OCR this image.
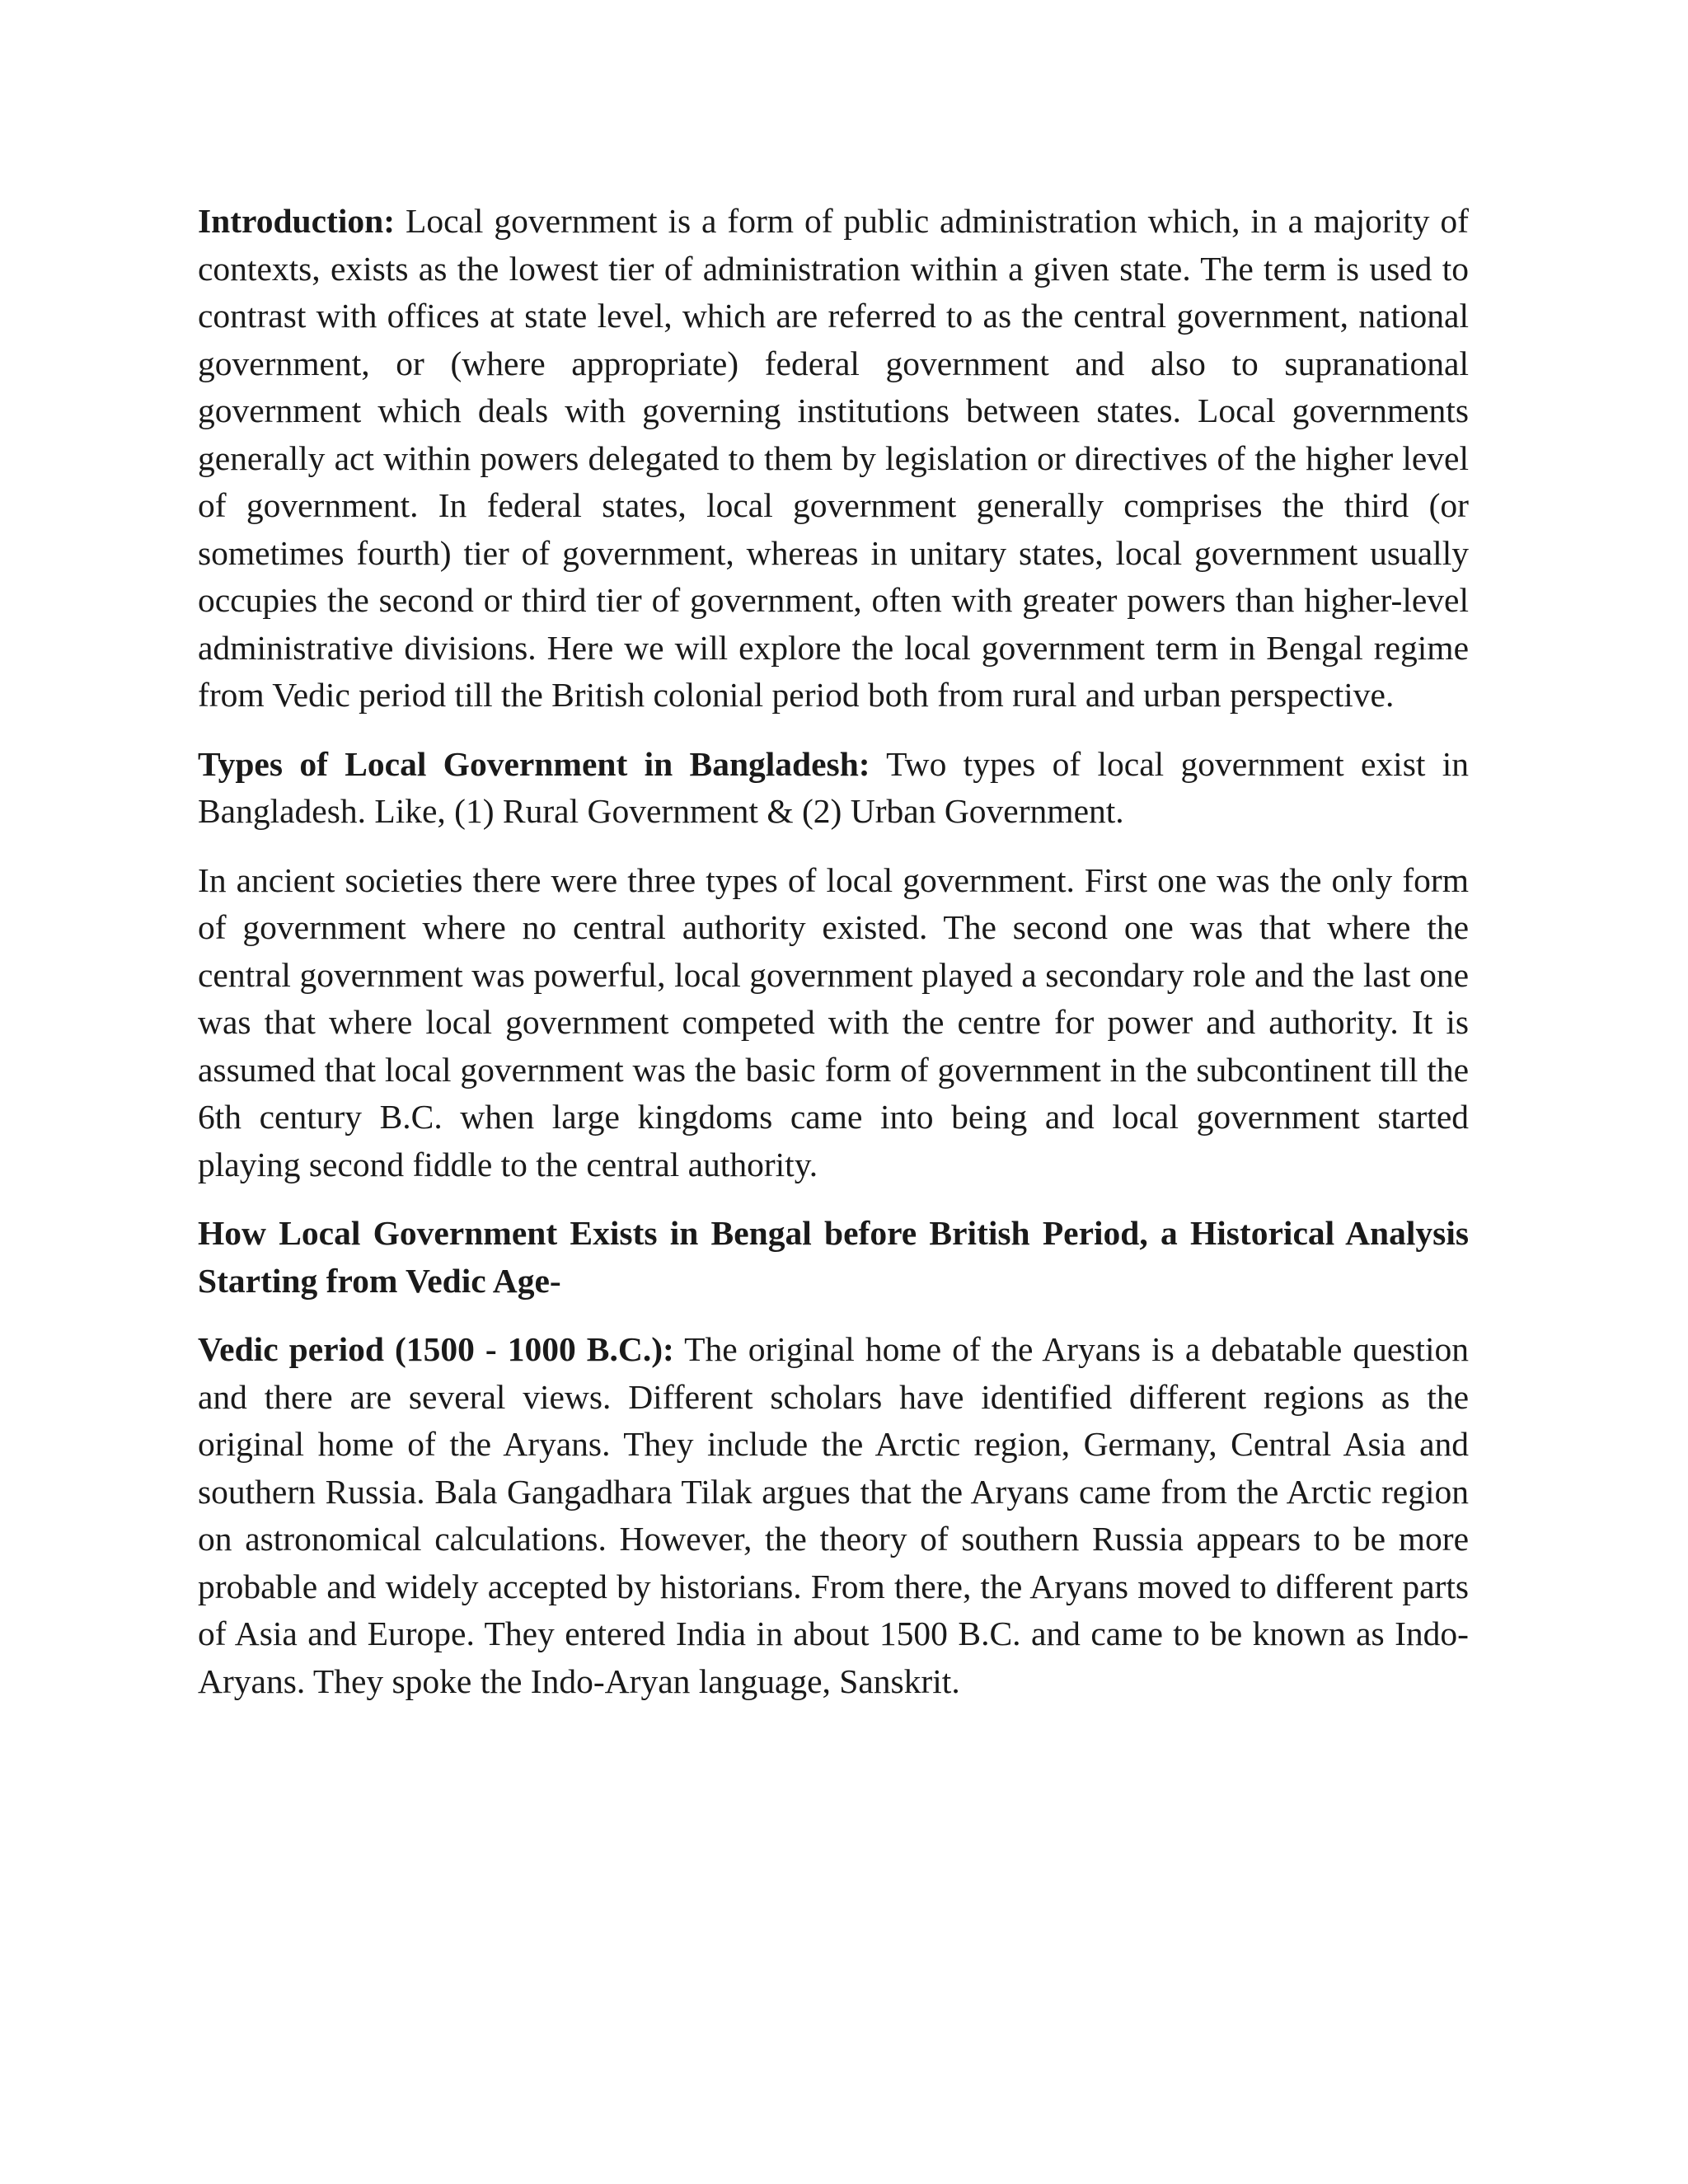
Introduction: Local government is a form of public administration which, in a majority of contexts, exists as the lowest tier of administration within a given state. The term is used to contrast with offices at state level, which are referred to as the central government, national government, or (where appropriate) federal government and also to supranational government which deals with governing institutions between states. Local governments generally act within powers delegated to them by legislation or directives of the higher level of government. In federal states, local government generally comprises the third (or sometimes fourth) tier of government, whereas in unitary states, local government usually occupies the second or third tier of government, often with greater powers than higher-level administrative divisions. Here we will explore the local government term in Bengal regime from Vedic period till the British colonial period both from rural and urban perspective.

Types of Local Government in Bangladesh: Two types of local government exist in Bangladesh. Like, (1) Rural Government & (2) Urban Government.

In ancient societies there were three types of local government. First one was the only form of government where no central authority existed. The second one was that where the central government was powerful, local government played a secondary role and the last one was that where local government competed with the centre for power and authority. It is assumed that local government was the basic form of government in the subcontinent till the 6th century B.C. when large kingdoms came into being and local government started playing second fiddle to the central authority.

How Local Government Exists in Bengal before British Period, a Historical Analysis Starting from Vedic Age-

Vedic period (1500 - 1000 B.C.): The original home of the Aryans is a debatable question and there are several views. Different scholars have identified different regions as the original home of the Aryans. They include the Arctic region, Germany, Central Asia and southern Russia. Bala Gangadhara Tilak argues that the Aryans came from the Arctic region on astronomical calculations. However, the theory of southern Russia appears to be more probable and widely accepted by historians. From there, the Aryans moved to different parts of Asia and Europe. They entered India in about 1500 B.C. and came to be known as Indo-Aryans. They spoke the Indo-Aryan language, Sanskrit.
